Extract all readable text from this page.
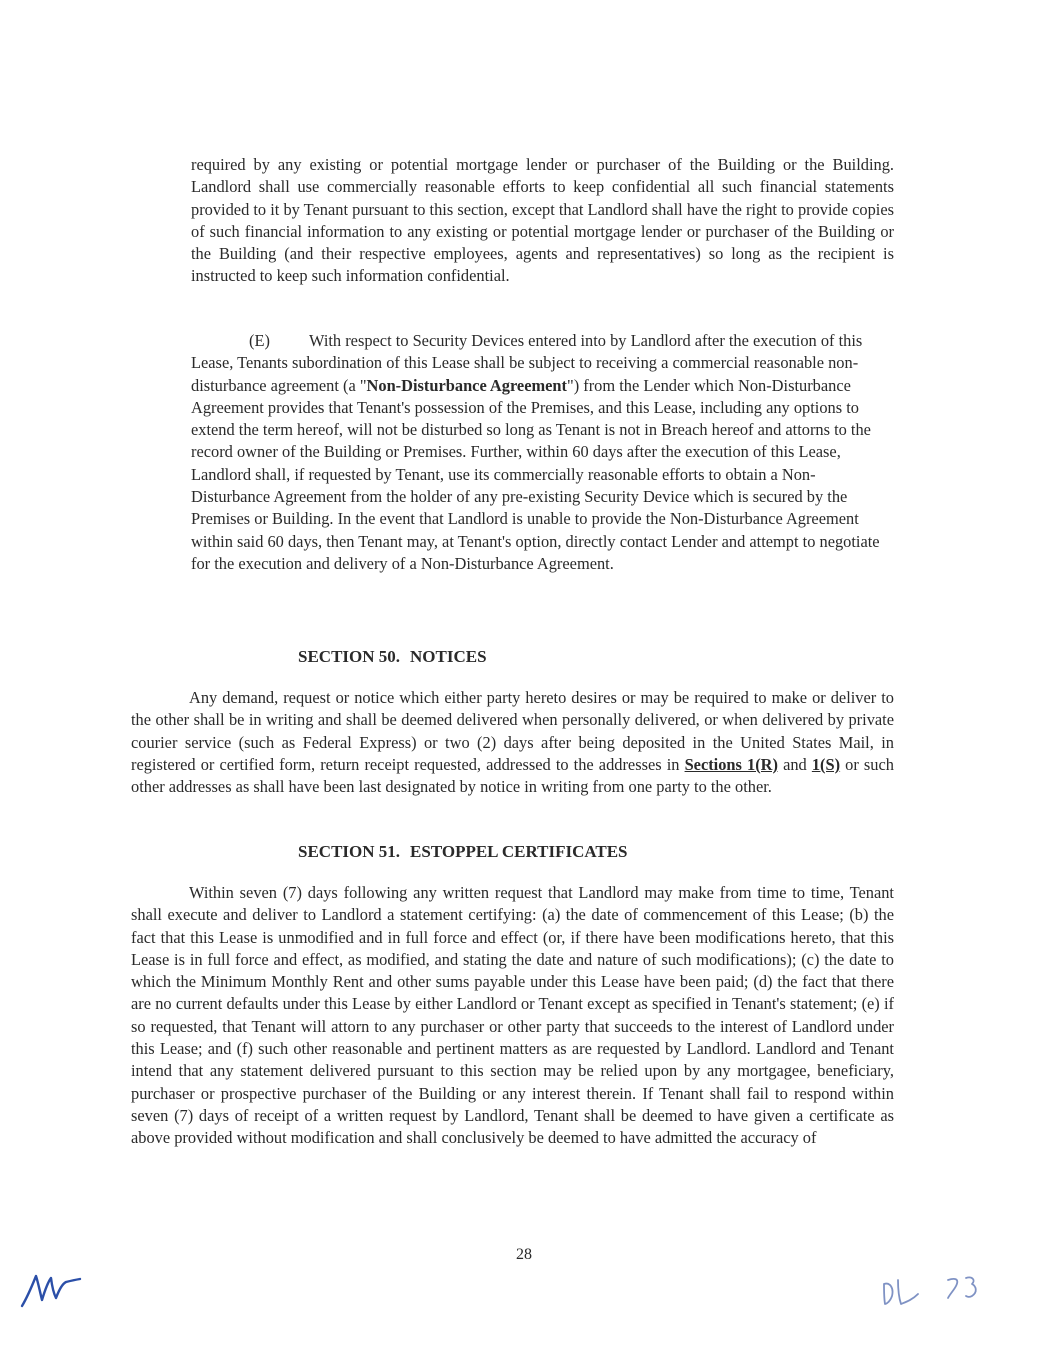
required by any existing or potential mortgage lender or purchaser of the Building or the Building. Landlord shall use commercially reasonable efforts to keep confidential all such financial statements provided to it by Tenant pursuant to this section, except that Landlord shall have the right to provide copies of such financial information to any existing or potential mortgage lender or purchaser of the Building or the Building (and their respective employees, agents and representatives) so long as the recipient is instructed to keep such information confidential.

(E) With respect to Security Devices entered into by Landlord after the execution of this Lease, Tenants subordination of this Lease shall be subject to receiving a commercial reasonable non-disturbance agreement (a "Non-Disturbance Agreement") from the Lender which Non-Disturbance Agreement provides that Tenant's possession of the Premises, and this Lease, including any options to extend the term hereof, will not be disturbed so long as Tenant is not in Breach hereof and attorns to the record owner of the Building or Premises. Further, within 60 days after the execution of this Lease, Landlord shall, if requested by Tenant, use its commercially reasonable efforts to obtain a Non-Disturbance Agreement from the holder of any pre-existing Security Device which is secured by the Premises or Building. In the event that Landlord is unable to provide the Non-Disturbance Agreement within said 60 days, then Tenant may, at Tenant's option, directly contact Lender and attempt to negotiate for the execution and delivery of a Non-Disturbance Agreement.

SECTION 50. NOTICES

Any demand, request or notice which either party hereto desires or may be required to make or deliver to the other shall be in writing and shall be deemed delivered when personally delivered, or when delivered by private courier service (such as Federal Express) or two (2) days after being deposited in the United States Mail, in registered or certified form, return receipt requested, addressed to the addresses in Sections 1(R) and 1(S) or such other addresses as shall have been last designated by notice in writing from one party to the other.

SECTION 51. ESTOPPEL CERTIFICATES

Within seven (7) days following any written request that Landlord may make from time to time, Tenant shall execute and deliver to Landlord a statement certifying: (a) the date of commencement of this Lease; (b) the fact that this Lease is unmodified and in full force and effect (or, if there have been modifications hereto, that this Lease is in full force and effect, as modified, and stating the date and nature of such modifications); (c) the date to which the Minimum Monthly Rent and other sums payable under this Lease have been paid; (d) the fact that there are no current defaults under this Lease by either Landlord or Tenant except as specified in Tenant's statement; (e) if so requested, that Tenant will attorn to any purchaser or other party that succeeds to the interest of Landlord under this Lease; and (f) such other reasonable and pertinent matters as are requested by Landlord. Landlord and Tenant intend that any statement delivered pursuant to this section may be relied upon by any mortgagee, beneficiary, purchaser or prospective purchaser of the Building or any interest therein. If Tenant shall fail to respond within seven (7) days of receipt of a written request by Landlord, Tenant shall be deemed to have given a certificate as above provided without modification and shall conclusively be deemed to have admitted the accuracy of

28
